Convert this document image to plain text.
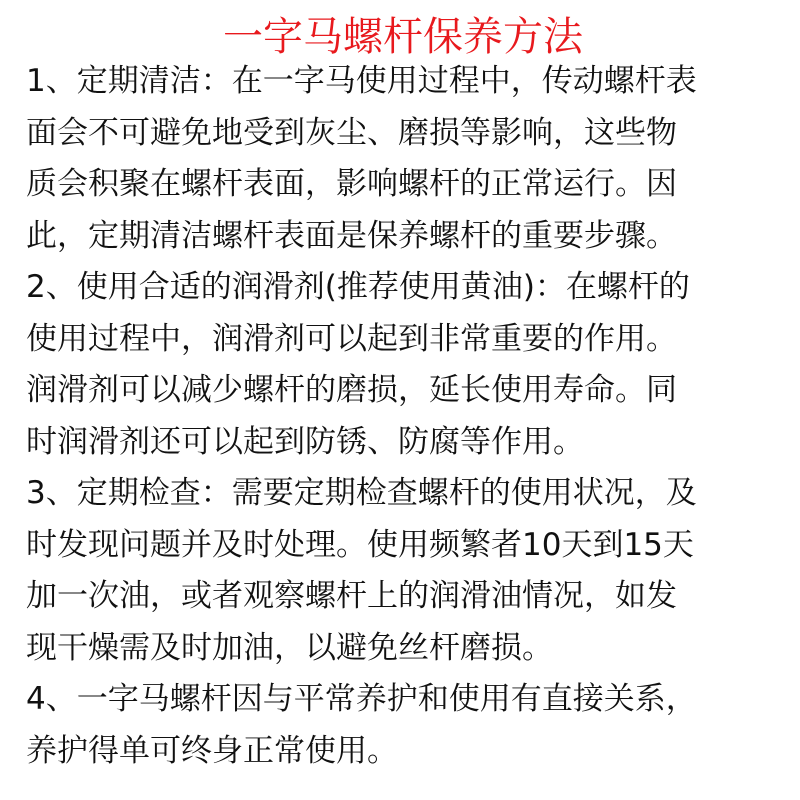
一字马螺杆保养方法

1、定期清洁：在一字马使用过程中，传动螺杆表
面会不可避免地受到灰尘、磨损等影响，这些物
质会积聚在螺杆表面，影响螺杆的正常运行。因
此，定期清洁螺杆表面是保养螺杆的重要步骤。

2、使用合适的润滑剂(推荐使用黄油)：在螺杆的
使用过程中，润滑剂可以起到非常重要的作用。
润滑剂可以减少螺杆的磨损，延长使用寿命。同
时润滑剂还可以起到防锈、防腐等作用。

3、定期检查：需要定期检查螺杆的使用状况，及
时发现问题并及时处理。使用频繁者10天到15天
加一次油，或者观察螺杆上的润滑油情况，如发
现干燥需及时加油，以避免丝杆磨损。

4、一字马螺杆因与平常养护和使用有直接关系，
养护得单可终身正常使用。
